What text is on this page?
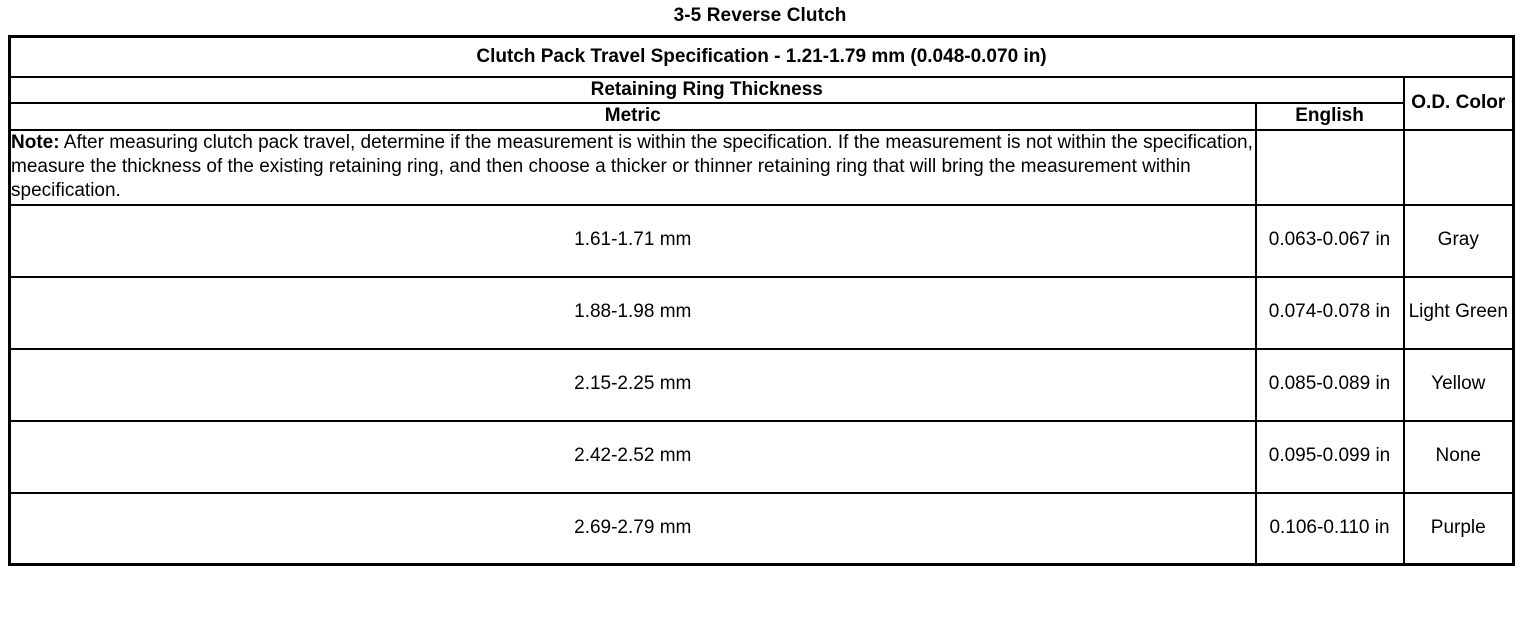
3-5 Reverse Clutch
Clutch Pack Travel Specification - 1.21-1.79 mm (0.048-0.070 in)		
Retaining Ring Thickness		O.D. Color
Metric	English	
Note: After measuring clutch pack travel, determine if the measurement is within the specification. If the measurement is not within the specification, measure the thickness of the existing retaining ring, and then choose a thicker or thinner retaining ring that will bring the measurement within specification.		
1.61-1.71 mm	0.063-0.067 in	Gray
1.88-1.98 mm	0.074-0.078 in	Light Green
2.15-2.25 mm	0.085-0.089 in	Yellow
2.42-2.52 mm	0.095-0.099 in	None
2.69-2.79 mm	0.106-0.110 in	Purple
